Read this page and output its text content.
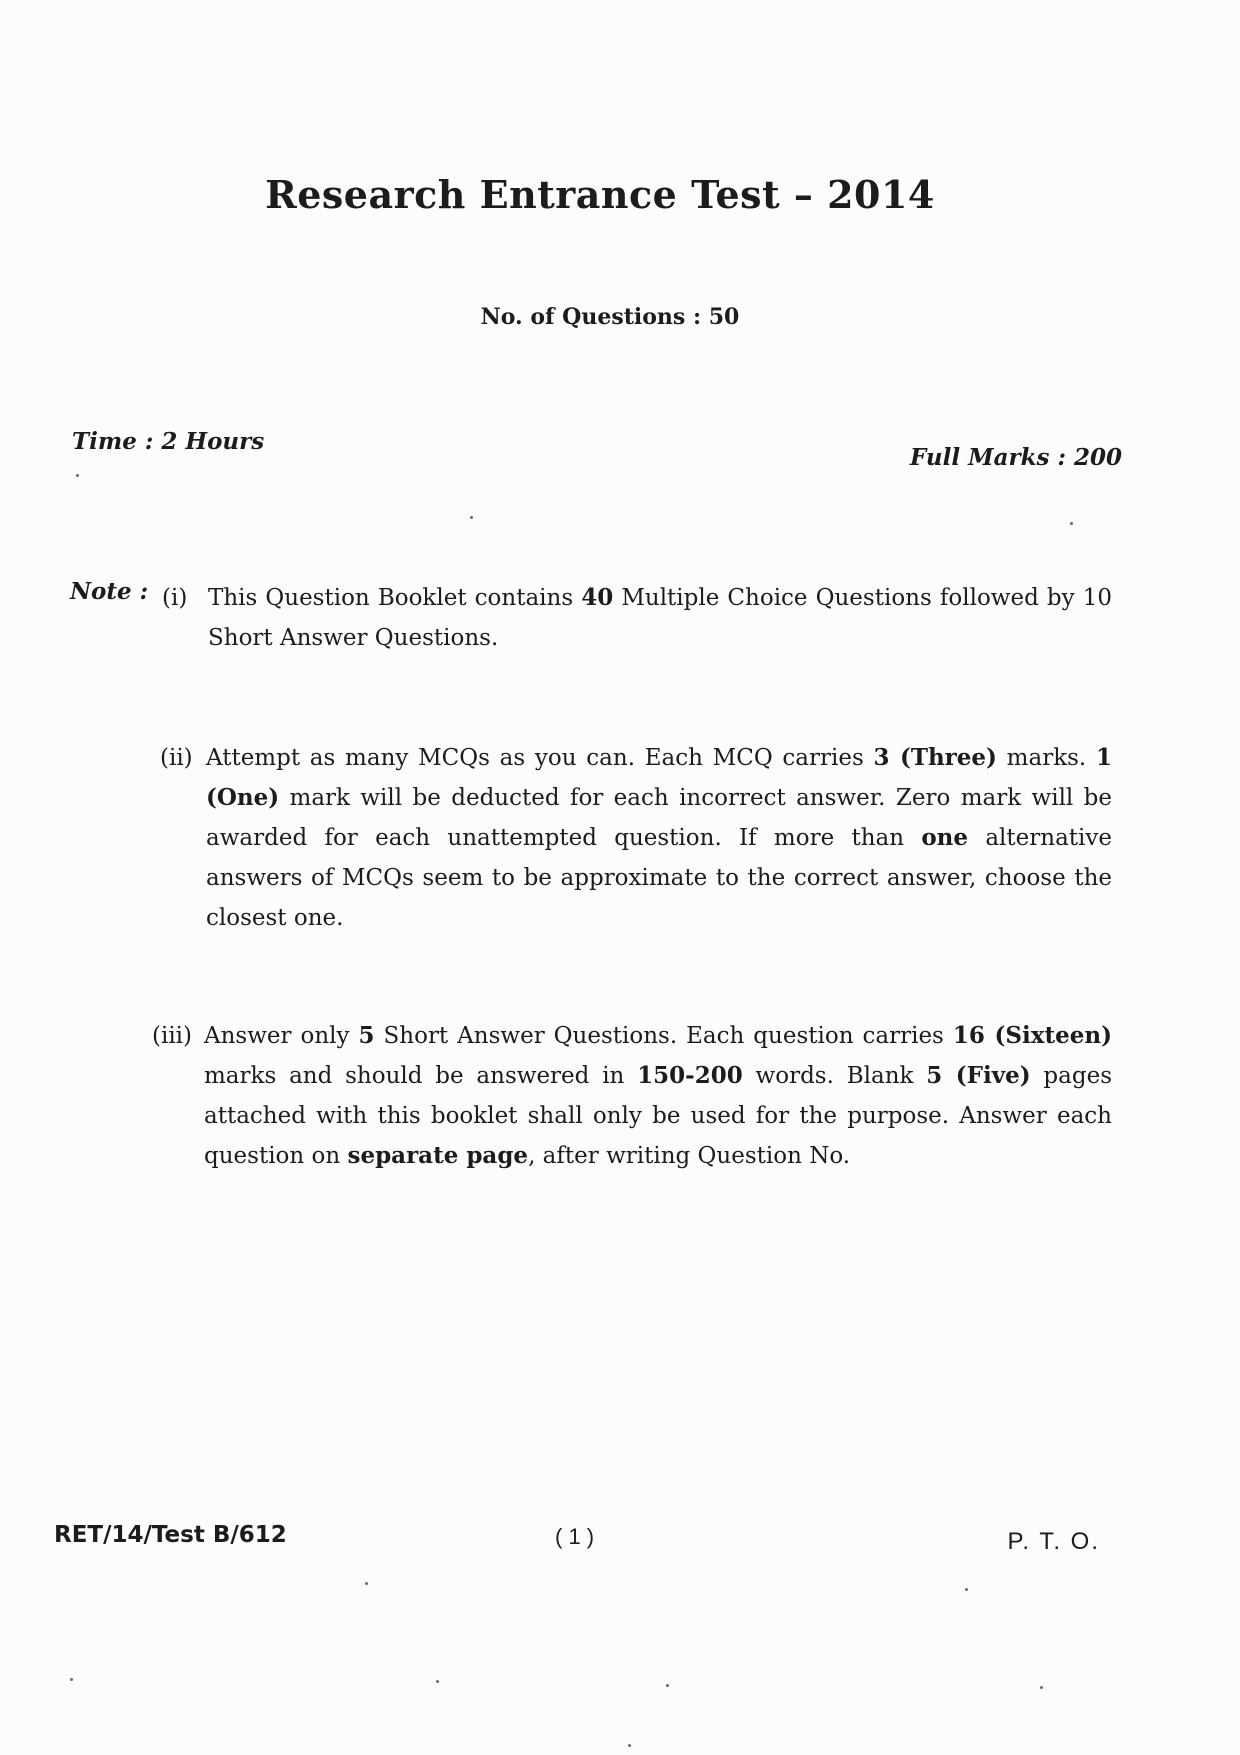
Research Entrance Test – 2014
No. of Questions : 50
Time : 2 Hours
Full Marks : 200
Note : (i) This Question Booklet contains 40 Multiple Choice Questions followed by 10 Short Answer Questions.
(ii) Attempt as many MCQs as you can. Each MCQ carries 3 (Three) marks. 1 (One) mark will be deducted for each incorrect answer. Zero mark will be awarded for each unattempted question. If more than one alternative answers of MCQs seem to be approximate to the correct answer, choose the closest one.
(iii) Answer only 5 Short Answer Questions. Each question carries 16 (Sixteen) marks and should be answered in 150-200 words. Blank 5 (Five) pages attached with this booklet shall only be used for the purpose. Answer each question on separate page, after writing Question No.
RET/14/Test B/612	( 1 )	P. T. O.
